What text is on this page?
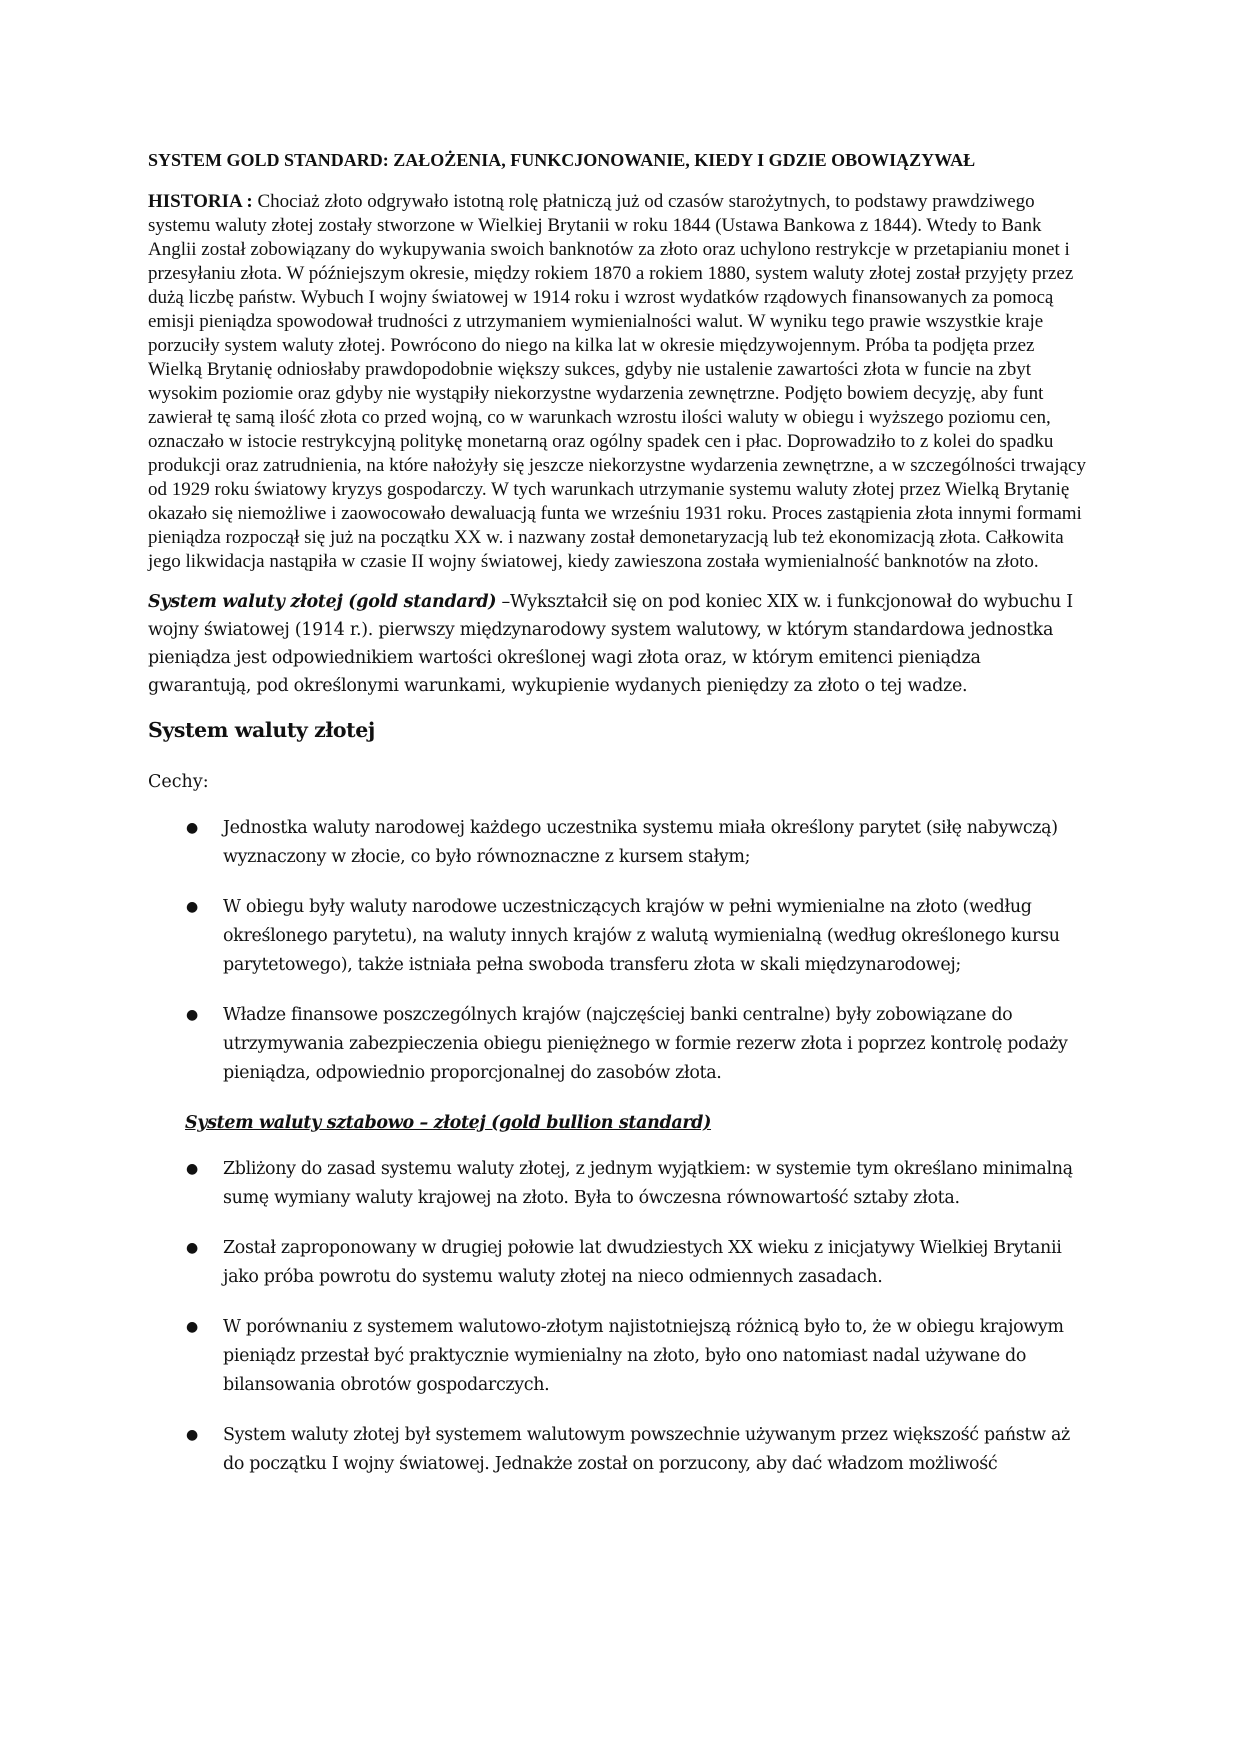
SYSTEM GOLD STANDARD: ZAŁOŻENIA, FUNKCJONOWANIE, KIEDY I GDZIE OBOWIĄZYWAŁ

HISTORIA : Chociaż złoto odgrywało istotną rolę płatniczą już od czasów starożytnych, to podstawy prawdziwego systemu waluty złotej zostały stworzone w Wielkiej Brytanii w roku 1844 (Ustawa Bankowa z 1844). Wtedy to Bank Anglii został zobowiązany do wykupywania swoich banknotów za złoto oraz uchylono restrykcje w przetapianiu monet i przesyłaniu złota. W późniejszym okresie, między rokiem 1870 a rokiem 1880, system waluty złotej został przyjęty przez dużą liczbę państw. Wybuch I wojny światowej w 1914 roku i wzrost wydatków rządowych finansowanych za pomocą emisji pieniądza spowodował trudności z utrzymaniem wymienialności walut. W wyniku tego prawie wszystkie kraje porzuciły system waluty złotej. Powrócono do niego na kilka lat w okresie międzywojennym. Próba ta podjęta przez Wielką Brytanię odniosłaby prawdopodobnie większy sukces, gdyby nie ustalenie zawartości złota w funcie na zbyt wysokim poziomie oraz gdyby nie wystąpiły niekorzystne wydarzenia zewnętrzne. Podjęto bowiem decyzję, aby funt zawierał tę samą ilość złota co przed wojną, co w warunkach wzrostu ilości waluty w obiegu i wyższego poziomu cen, oznaczało w istocie restrykcyjną politykę monetarną oraz ogólny spadek cen i płac. Doprowadziło to z kolei do spadku produkcji oraz zatrudnienia, na które nałożyły się jeszcze niekorzystne wydarzenia zewnętrzne, a w szczególności trwający od 1929 roku światowy kryzys gospodarczy. W tych warunkach utrzymanie systemu waluty złotej przez Wielką Brytanię okazało się niemożliwe i zaowocowało dewaluacją funta we wrześniu 1931 roku. Proces zastąpienia złota innymi formami pieniądza rozpoczął się już na początku XX w. i nazwany został demonetaryzacją lub też ekonomizacją złota. Całkowita jego likwidacja nastąpiła w czasie II wojny światowej, kiedy zawieszona została wymienialność banknotów na złoto.

System waluty złotej (gold standard) –Wykształcił się on pod koniec XIX w. i funkcjonował do wybuchu I wojny światowej (1914 r.). pierwszy międzynarodowy system walutowy, w którym standardowa jednostka pieniądza jest odpowiednikiem wartości określonej wagi złota oraz, w którym emitenci pieniądza gwarantują, pod określonymi warunkami, wykupienie wydanych pieniędzy za złoto o tej wadze.

System waluty złotej

Cechy:

● Jednostka waluty narodowej każdego uczestnika systemu miała określony parytet (siłę nabywczą) wyznaczony w złocie, co było równoznaczne z kursem stałym;
● W obiegu były waluty narodowe uczestniczących krajów w pełni wymienialne na złoto (według określonego parytetu), na waluty innych krajów z walutą wymienialną (według określonego kursu parytetowego), także istniała pełna swoboda transferu złota w skali międzynarodowej;
● Władze finansowe poszczególnych krajów (najczęściej banki centralne) były zobowiązane do utrzymywania zabezpieczenia obiegu pieniężnego w formie rezerw złota i poprzez kontrolę podaży pieniądza, odpowiednio proporcjonalnej do zasobów złota.

System waluty sztabowo – złotej (gold bullion standard)

● Zbliżony do zasad systemu waluty złotej, z jednym wyjątkiem: w systemie tym określano minimalną sumę wymiany waluty krajowej na złoto. Była to ówczesna równowartość sztaby złota.
● Został zaproponowany w drugiej połowie lat dwudziestych XX wieku z inicjatywy Wielkiej Brytanii jako próba powrotu do systemu waluty złotej na nieco odmiennych zasadach.
● W porównaniu z systemem walutowo-złotym najistotniejszą różnicą było to, że w obiegu krajowym pieniądz przestał być praktycznie wymienialny na złoto, było ono natomiast nadal używane do bilansowania obrotów gospodarczych.
● System waluty złotej był systemem walutowym powszechnie używanym przez większość państw aż do początku I wojny światowej. Jednakże został on porzucony, aby dać władzom możliwość
